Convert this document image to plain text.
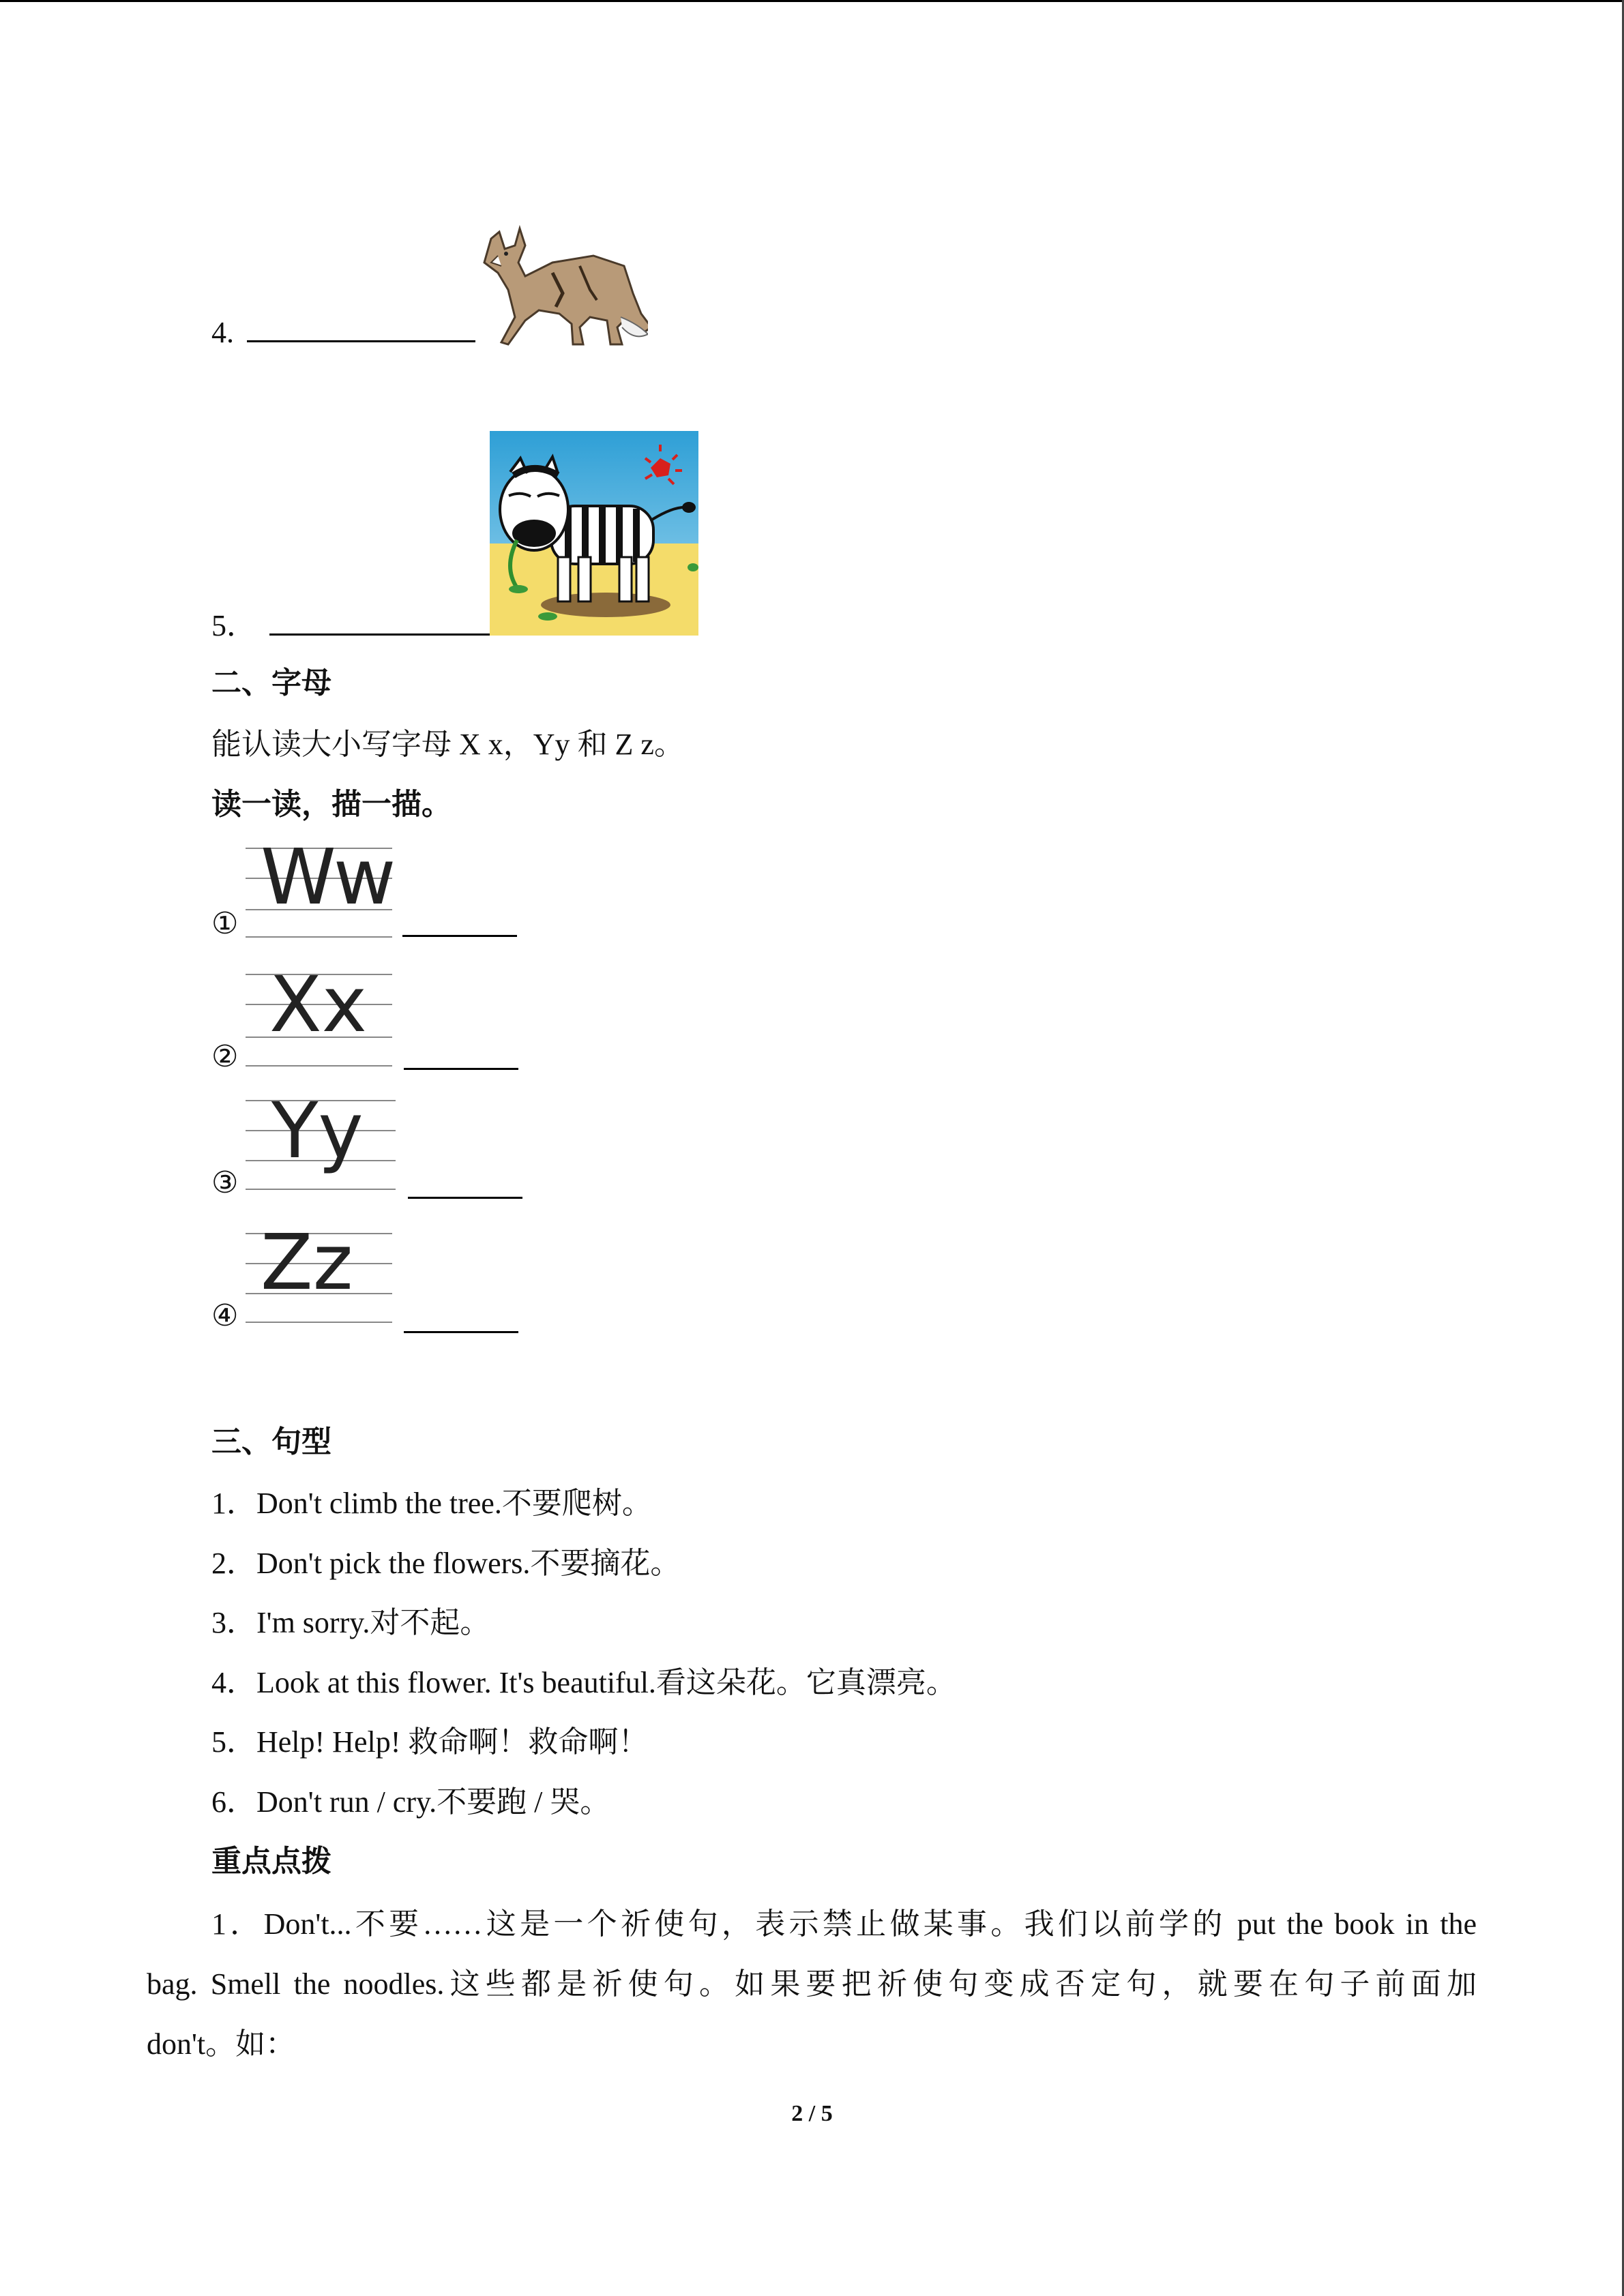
4.
5．
二、字母
能认读大小写字母 X x，Yy 和 Z z。
读一读，描一描。
Ww
①
Xx
②
Yy
③
Zz
④
三、句型
1．Don't climb the tree.不要爬树。
2．Don't pick the flowers.不要摘花。
3．I'm sorry.对不起。
4．Look at this flower. It's beautiful.看这朵花。它真漂亮。
5．Help! Help! 救命啊！救命啊！
6．Don't run / cry.不要跑 / 哭。
重点点拨
1．Don't...不要……这是一个祈使句，表示禁止做某事。我们以前学的 put the book in the
bag. Smell the noodles.这些都是祈使句。如果要把祈使句变成否定句，就要在句子前面加
don't。如：
2 / 5
